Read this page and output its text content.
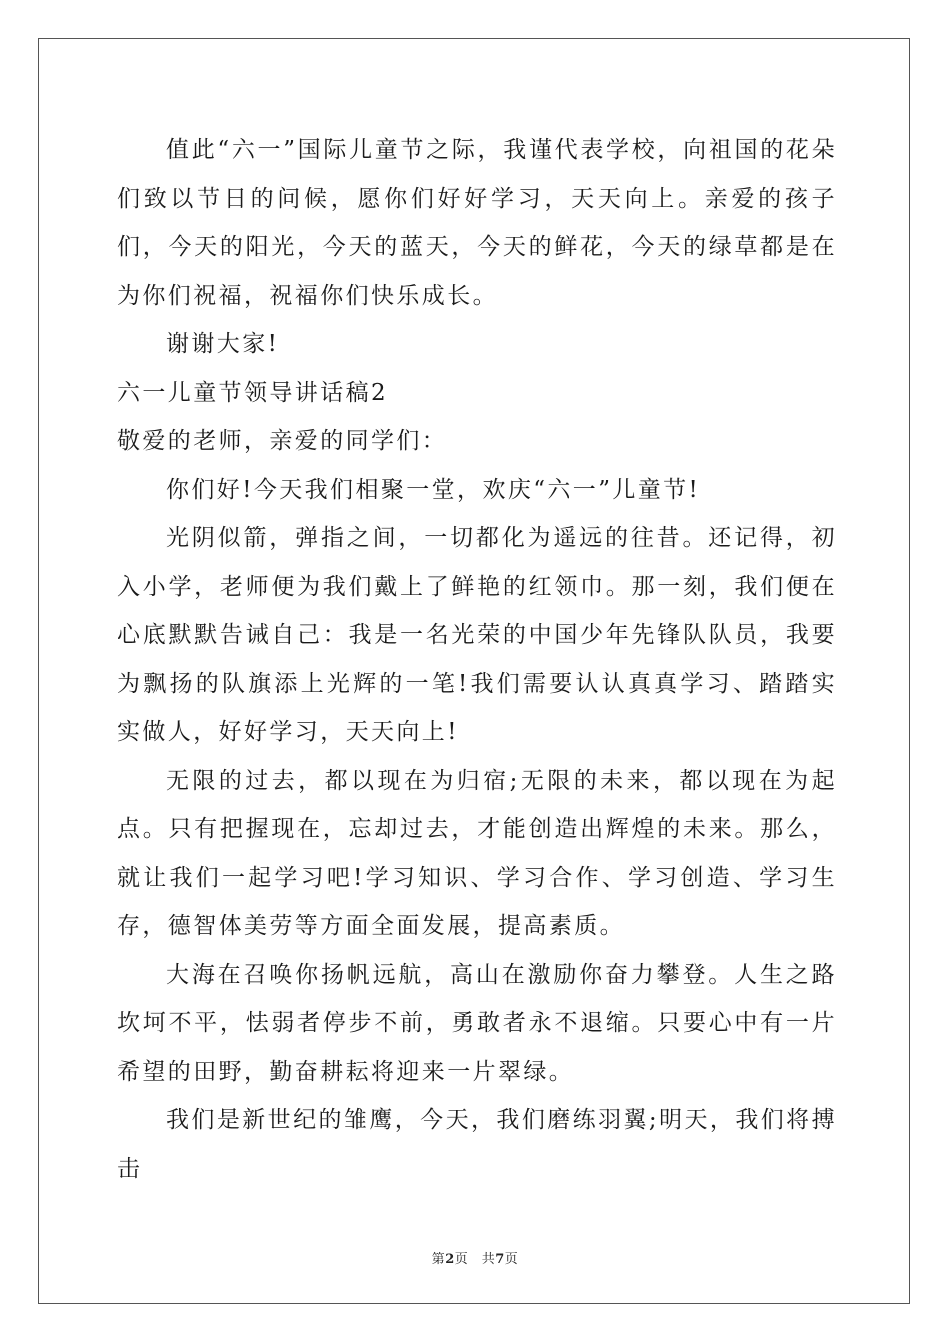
值此“六一”国际儿童节之际，我谨代表学校，向祖国的花朵们致以节日的问候，愿你们好好学习，天天向上。亲爱的孩子们，今天的阳光，今天的蓝天，今天的鲜花，今天的绿草都是在为你们祝福，祝福你们快乐成长。

谢谢大家!

六一儿童节领导讲话稿2

敬爱的老师，亲爱的同学们：

你们好!今天我们相聚一堂，欢庆“六一”儿童节!

光阴似箭，弹指之间，一切都化为遥远的往昔。还记得，初入小学，老师便为我们戴上了鲜艳的红领巾。那一刻，我们便在心底默默告诫自己：我是一名光荣的中国少年先锋队队员，我要为飘扬的队旗添上光辉的一笔!我们需要认认真真学习、踏踏实实做人，好好学习，天天向上!

无限的过去，都以现在为归宿;无限的未来，都以现在为起点。只有把握现在，忘却过去，才能创造出辉煌的未来。那么，就让我们一起学习吧!学习知识、学习合作、学习创造、学习生存，德智体美劳等方面全面发展，提高素质。

大海在召唤你扬帆远航，高山在激励你奋力攀登。人生之路坎坷不平，怯弱者停步不前，勇敢者永不退缩。只要心中有一片希望的田野，勤奋耕耘将迎来一片翠绿。

我们是新世纪的雏鹰，今天，我们磨练羽翼;明天，我们将搏击

第2页　共7页
